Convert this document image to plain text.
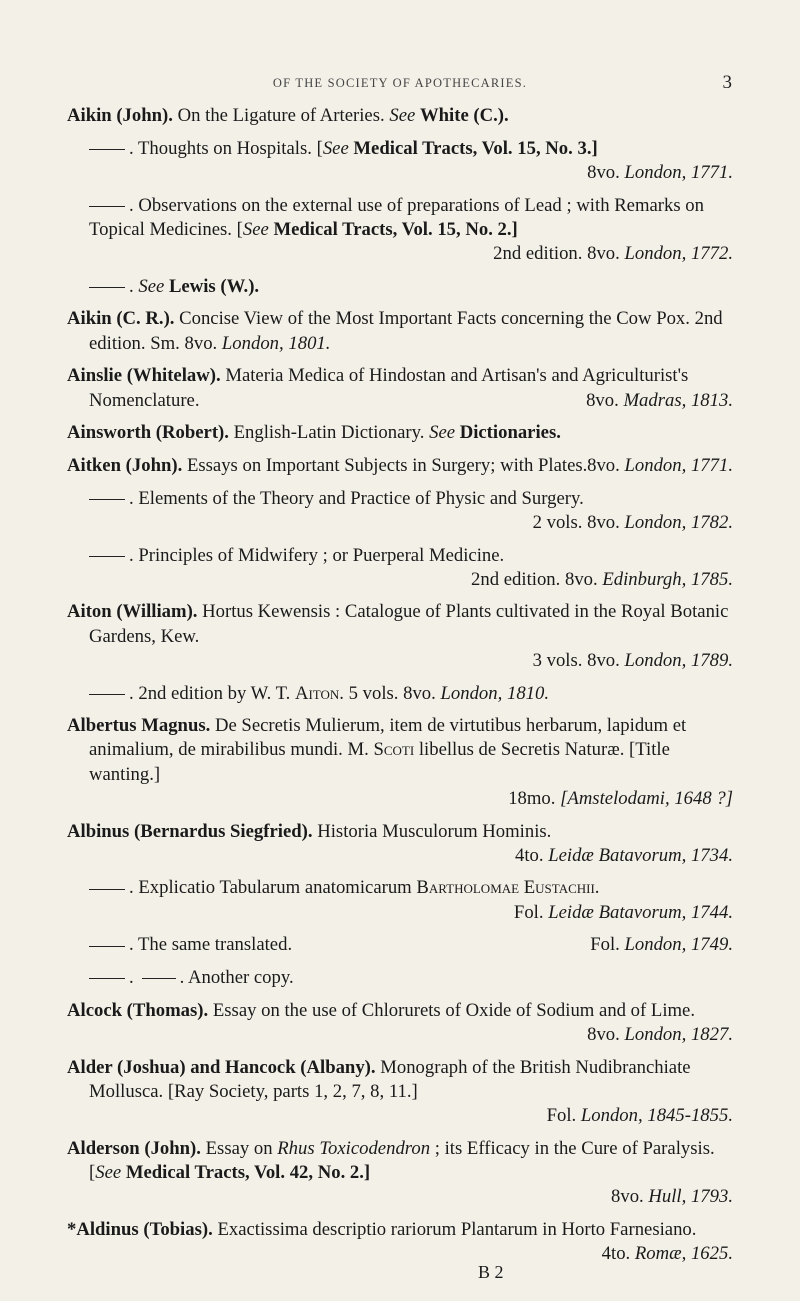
OF THE SOCIETY OF APOTHECARIES.	3

Aikin (John). On the Ligature of Arteries. See White (C.).

. Thoughts on Hospitals. [See Medical Tracts, Vol. 15, No. 3.]

8vo. London, 1771.

. Observations on the external use of preparations of Lead ; with Remarks on Topical Medicines. [See Medical Tracts, Vol. 15, No. 2.]
2nd edition. 8vo. London, 1772.

. See Lewis (W.).

Aikin (C. R.). Concise View of the Most Important Facts concerning the Cow Pox. 2nd edition. Sm. 8vo. London, 1801.

Ainslie (Whitelaw). Materia Medica of Hindostan and Artisan's and Agriculturist's Nomenclature.	8vo. Madras, 1813.

Ainsworth (Robert). English-Latin Dictionary. See Dictionaries.

Aitken (John). Essays on Important Subjects in Surgery; with Plates. 8vo. London, 1771.

. Elements of the Theory and Practice of Physic and Surgery.

2 vols. 8vo. London, 1782.

. Principles of Midwifery ; or Puerperal Medicine.

2nd edition. 8vo. Edinburgh, 1785.

Aiton (William). Hortus Kewensis : Catalogue of Plants cultivated in the Royal Botanic Gardens, Kew.

3 vols. 8vo. London, 1789.

. 2nd edition by W. T. Aiton. 5 vols. 8vo. London, 1810.

Albertus Magnus. De Secretis Mulierum, item de virtutibus herbarum, lapidum et animalium, de mirabilibus mundi. M. Scoti libellus de Secretis Naturæ. [Title wanting.]

18mo. [Amstelodami, 1648 ?]

Albinus (Bernardus Siegfried). Historia Musculorum Hominis.

4to. Leidæ Batavorum, 1734.

. Explicatio Tabularum anatomicarum Bartholomae Eustachii.
Fol. Leidæ Batavorum, 1744.

. The same translated.	Fol. London, 1749.

. . Another copy.

Alcock (Thomas). Essay on the use of Chlorurets of Oxide of Sodium and of Lime.

8vo. London, 1827.

Alder (Joshua) and Hancock (Albany). Monograph of the British Nudibranchiate Mollusca. [Ray Society, parts 1, 2, 7, 8, 11.]

Fol. London, 1845-1855.

Alderson (John). Essay on Rhus Toxicodendron ; its Efficacy in the Cure of Paralysis. [See Medical Tracts, Vol. 42, No. 2.]

8vo. Hull, 1793.

*Aldinus (Tobias). Exactissima descriptio rariorum Plantarum in Horto Farnesiano.
4to. Romæ, 1625.

B 2
